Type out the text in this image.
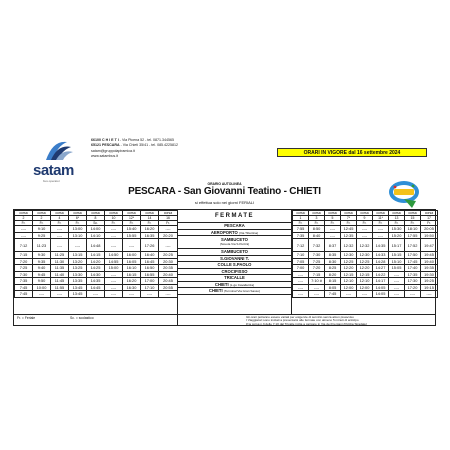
satam
bus operator
66100 C H I E T I - Via Picena 52 - tel. 0871.344565
65121 PESCARA - Via Chieti 35/41 - tel. 085.4225812
satam@gruppolapiramica.it
www.satambus.it	ORARI IN VIGORE dal 16 settembre 2024
ORARIO AUTOLINEA
PESCARA - San Giovanni Teatino - CHIETI
si effettua solo nei giorni FERIALI
corsa	corsa	corsa	corsa	corsa	corsa	corsa	corsa	corsa
2	2	4	6*	8	10	12*	14	16
Fr.	Fr.	Fr.	Fr.	Sc.	Fr.	Fr.	Fr.	Fr.
----	9:10	----	13:00	14:00	----	15:40	16:20	----
----	9:25	----	13:10	14:10	----	15:55	16:35	20:20
7:12	11:23	----	----	14:48	----	----	17:26	----
7:15	9:30	11:25	13:15	14:15	14:50	16:00	16:40	20:25
7:20	9:35	11:30	13:20	14:20	14:55	16:05	16:45	20:30
7:25	9:40	11:35	13:25	14:25	15:00	16:10	16:50	20:35
7:30	9:45	11:40	13:30	14:30	----	16:15	16:55	20:40
7:35	9:50	11:45	13:35	14:35	----	16:20	17:00	20:45
7:45	10:00	11:55	13:45	14:45	----	16:30	17:10	20:55
7:45	----	----	13:45	----	----	----	----	----
FERMATE
PESCARA
AEROPORTO (Via Tiburtina)
SAMBUCETO
(Scuola Via S.Pertini)
SAMBUCETO
S.GIOVANNI T.
COLLE S.PAOLO
CROCIFISSO
TRICALLE
CHIETI (L.go Cavalleriza)
CHIETI (Terminal Via Gran Sasso)
corsa	corsa	corsa	corsa	corsa	corsa	corsa	corsa	corsa
1	3	5	7*	9	11*	13	15	17
Fr.	Fr.	Fr.	Fr.	Fr.	Fr.	Fr.	Fr.	Fr.
7:55	8:50	----	12:45	----	----	15:30	18:10	20:05
7:35	8:40	----	12:35	----	----	15:20	17:55	19:50
7:12	7:32	8:37	12:32	12:32	14:35	15:17	17:52	19:47
7:10	7:30	8:35	12:30	12:30	14:33	15:15	17:50	19:45
7:05	7:25	8:30	12:25	12:25	14:28	15:10	17:45	19:40
7:00	7:20	8:25	12:20	12:20	14:27	15:05	17:40	19:35
----	7:15	8:20	12:15	12:15	14:22	----	17:35	19:30
----	7:10 #	8:15	12:10	12:10	14:17	----	17:30	19:25
----	----	8:05	12:00	12:00	14:05	----	17:20	19:15
----	----	7:45	----	----	14:05	----	----	----
Fr. = Feriale	Sc. = scolastico	Gli orari potranno essere variati per esigenze di servizio senza alcun preavviso
I Viaggiatori sono invitati a presentarsi alle fermate con almeno 5 minuti di anticipo
# la corsa n.3 delle 7,10 dal Tricalle inizia a caricare in Via dei Frentani (Polizia Stradale)
